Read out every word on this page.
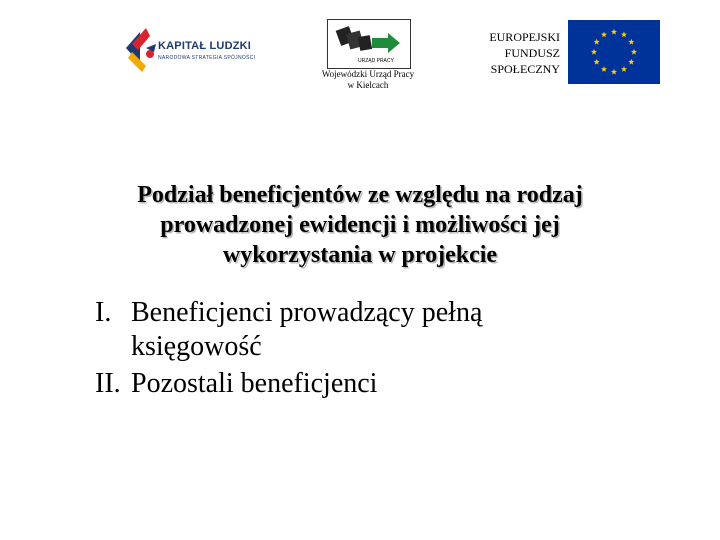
KAPITAŁ LUDZKI
NARODOWA STRATEGIA SPÓJNOŚCI	URZĄD PRACY
Wojewódzki Urząd Pracy
w Kielcach
EUROPEJSKI
FUNDUSZ
SPOŁECZNY
Podział beneficjentów ze względu na rodzaj
prowadzonej ewidencji i możliwości jej
wykorzystania w projekcie
I. Beneficjenci prowadzący pełną
księgowość
II. Pozostali beneficjenci
